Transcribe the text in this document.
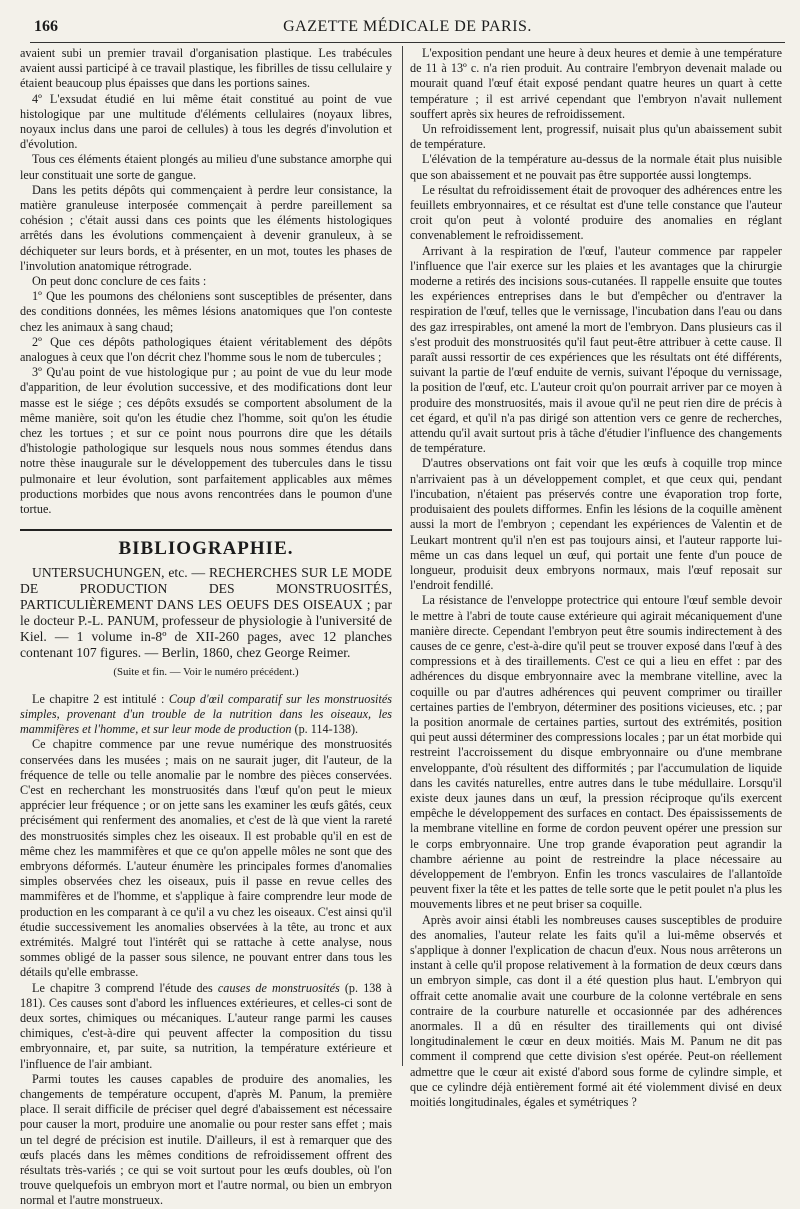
166	GAZETTE MÉDICALE DE PARIS.

avaient subi un premier travail d'organisation plastique. Les trabécules avaient aussi participé à ce travail plastique, les fibrilles de tissu cellulaire y étaient beaucoup plus épaisses que dans les portions saines.

4º L'exsudat étudié en lui même était constitué au point de vue histologique par une multitude d'éléments cellulaires (noyaux libres, noyaux inclus dans une paroi de cellules) à tous les degrés d'involution et d'évolution.

Tous ces éléments étaient plongés au milieu d'une substance amorphe qui leur constituait une sorte de gangue.

Dans les petits dépôts qui commençaient à perdre leur consistance, la matière granuleuse interposée commençait à perdre pareillement sa cohésion ; c'était aussi dans ces points que les éléments histologiques arrêtés dans les évolutions commençaient à devenir granuleux, à se déchiqueter sur leurs bords, et à présenter, en un mot, toutes les phases de l'involution anatomique rétrograde.

On peut donc conclure de ces faits :

1º Que les poumons des chéloniens sont susceptibles de présenter, dans des conditions données, les mêmes lésions anatomiques que l'on conteste chez les animaux à sang chaud;

2º Que ces dépôts pathologiques étaient véritablement des dépôts analogues à ceux que l'on décrit chez l'homme sous le nom de tubercules ;

3º Qu'au point de vue histologique pur ; au point de vue du leur mode d'apparition, de leur évolution successive, et des modifications dont leur masse est le siége ; ces dépôts exsudés se comportent absolument de la même manière, soit qu'on les étudie chez l'homme, soit qu'on les étudie chez les tortues ; et sur ce point nous pourrons dire que les détails d'histologie pathologique sur lesquels nous nous sommes étendus dans notre thèse inaugurale sur le développement des tubercules dans le tissu pulmonaire et leur évolution, sont parfaitement applicables aux mêmes productions morbides que nous avons rencontrées dans le poumon d'une tortue.

BIBLIOGRAPHIE.

UNTERSUCHUNGEN, etc. — RECHERCHES SUR LE MODE DE PRODUCTION DES MONSTRUOSITÉS, PARTICULIÈREMENT DANS LES OEUFS DES OISEAUX ; par le docteur P.-L. PANUM, professeur de physiologie à l'université de Kiel. — 1 volume in-8º de XII-260 pages, avec 12 planches contenant 107 figures. — Berlin, 1860, chez George Reimer.

(Suite et fin. — Voir le numéro précédent.)

Le chapitre 2 est intitulé : Coup d'œil comparatif sur les monstruosités simples, provenant d'un trouble de la nutrition dans les oiseaux, les mammifères et l'homme, et sur leur mode de production (p. 114-138).

Ce chapitre commence par une revue numérique des monstruosités conservées dans les musées ; mais on ne saurait juger, dit l'auteur, de la fréquence de telle ou telle anomalie par le nombre des pièces conservées. C'est en recherchant les monstruosités dans l'œuf qu'on peut le mieux apprécier leur fréquence ; or on jette sans les examiner les œufs gâtés, ceux précisément qui renferment des anomalies, et c'est de là que vient la rareté des monstruosités simples chez les oiseaux. Il est probable qu'il en est de même chez les mammifères et que ce qu'on appelle môles ne sont que des embryons déformés. L'auteur énumère les principales formes d'anomalies simples observées chez les oiseaux, puis il passe en revue celles des mammifères et de l'homme, et s'applique à faire comprendre leur mode de production en les comparant à ce qu'il a vu chez les oiseaux. C'est ainsi qu'il étudie successivement les anomalies observées à la tête, au tronc et aux extrémités. Malgré tout l'intérêt qui se rattache à cette analyse, nous sommes obligé de la passer sous silence, ne pouvant entrer dans tous les détails qu'elle embrasse.

Le chapitre 3 comprend l'étude des causes de monstruosités (p. 138 à 181). Ces causes sont d'abord les influences extérieures, et celles-ci sont de deux sortes, chimiques ou mécaniques. L'auteur range parmi les causes chimiques, c'est-à-dire qui peuvent affecter la composition du tissu embryonnaire, et, par suite, sa nutrition, la température extérieure et l'influence de l'air ambiant.

Parmi toutes les causes capables de produire des anomalies, les changements de température occupent, d'après M. Panum, la première place. Il serait difficile de préciser quel degré d'abaissement est nécessaire pour causer la mort, produire une anomalie ou pour rester sans effet ; mais un tel degré de précision est inutile. D'ailleurs, il est à remarquer que des œufs placés dans les mêmes conditions de refroidissement offrent des résultats très-variés ; ce qui se voit surtout pour les œufs doubles, où l'on trouve quelquefois un embryon mort et l'autre normal, ou bien un embryon normal et l'autre monstrueux.

L'exposition pendant une heure à deux heures et demie à une température de 11 à 13º c. n'a rien produit. Au contraire l'embryon devenait malade ou mourait quand l'œuf était exposé pendant quatre heures un quart à cette température ; il est arrivé cependant que l'embryon n'avait nullement souffert après six heures de refroidissement.

Un refroidissement lent, progressif, nuisait plus qu'un abaissement subit de température.

L'élévation de la température au-dessus de la normale était plus nuisible que son abaissement et ne pouvait pas être supportée aussi longtemps.

Le résultat du refroidissement était de provoquer des adhérences entre les feuillets embryonnaires, et ce résultat est d'une telle constance que l'auteur croit qu'on peut à volonté produire des anomalies en réglant convenablement le refroidissement.

Arrivant à la respiration de l'œuf, l'auteur commence par rappeler l'influence que l'air exerce sur les plaies et les avantages que la chirurgie moderne a retirés des incisions sous-cutanées. Il rappelle ensuite que toutes les expériences entreprises dans le but d'empêcher ou d'entraver la respiration de l'œuf, telles que le vernissage, l'incubation dans l'eau ou dans des gaz irrespirables, ont amené la mort de l'embryon. Dans plusieurs cas il s'est produit des monstruosités qu'il faut peut-être attribuer à cette cause. Il paraît aussi ressortir de ces expériences que les résultats ont été différents, suivant la partie de l'œuf enduite de vernis, suivant l'époque du vernissage, la position de l'œuf, etc. L'auteur croit qu'on pourrait arriver par ce moyen à produire des monstruosités, mais il avoue qu'il ne peut rien dire de précis à cet égard, et qu'il n'a pas dirigé son attention vers ce genre de recherches, attendu qu'il avait surtout pris à tâche d'étudier l'influence des changements de température.

D'autres observations ont fait voir que les œufs à coquille trop mince n'arrivaient pas à un développement complet, et que ceux qui, pendant l'incubation, n'étaient pas préservés contre une évaporation trop forte, produisaient des poulets difformes. Enfin les lésions de la coquille amènent aussi la mort de l'embryon ; cependant les expériences de Valentin et de Leukart montrent qu'il n'en est pas toujours ainsi, et l'auteur rapporte lui-même un cas dans lequel un œuf, qui portait une fente d'un pouce de longueur, produisit deux embryons normaux, mais l'œuf reposait sur l'endroit fendillé.

La résistance de l'enveloppe protectrice qui entoure l'œuf semble devoir le mettre à l'abri de toute cause extérieure qui agirait mécaniquement d'une manière directe. Cependant l'embryon peut être soumis indirectement à des causes de ce genre, c'est-à-dire qu'il peut se trouver exposé dans l'œuf à des compressions et à des tiraillements. C'est ce qui a lieu en effet : par des adhérences du disque embryonnaire avec la membrane vitelline, avec la coquille ou par d'autres adhérences qui peuvent comprimer ou tirailler certaines parties de l'embryon, déterminer des positions vicieuses, etc. ; par la position anormale de certaines parties, surtout des extrémités, position qui peut aussi déterminer des compressions locales ; par un état morbide qui restreint l'accroissement du disque embryonnaire ou d'une membrane enveloppante, d'où résultent des difformités ; par l'accumulation de liquide dans les cavités naturelles, entre autres dans le tube médullaire. Lorsqu'il existe deux jaunes dans un œuf, la pression réciproque qu'ils exercent empêche le développement des surfaces en contact. Des épaississements de la membrane vitelline en forme de cordon peuvent opérer une pression sur le corps embryonnaire. Une trop grande évaporation peut agrandir la chambre aérienne au point de restreindre la place nécessaire au développement de l'embryon. Enfin les troncs vasculaires de l'allantoïde peuvent fixer la tête et les pattes de telle sorte que le petit poulet n'a plus les mouvements libres et ne peut briser sa coquille.

Après avoir ainsi établi les nombreuses causes susceptibles de produire des anomalies, l'auteur relate les faits qu'il a lui-même observés et s'applique à donner l'explication de chacun d'eux. Nous nous arrêterons un instant à celle qu'il propose relativement à la formation de deux cœurs dans un embryon simple, cas dont il a été question plus haut. L'embryon qui offrait cette anomalie avait une courbure de la colonne vertébrale en sens contraire de la courbure naturelle et occasionnée par des adhérences anormales. Il a dû en résulter des tiraillements qui ont divisé longitudinalement le cœur en deux moitiés. Mais M. Panum ne dit pas comment il comprend que cette division s'est opérée. Peut-on réellement admettre que le cœur ait existé d'abord sous forme de cylindre simple, et que ce cylindre déjà entièrement formé ait été violemment divisé en deux moitiés longitudinales, égales et symétriques ?
